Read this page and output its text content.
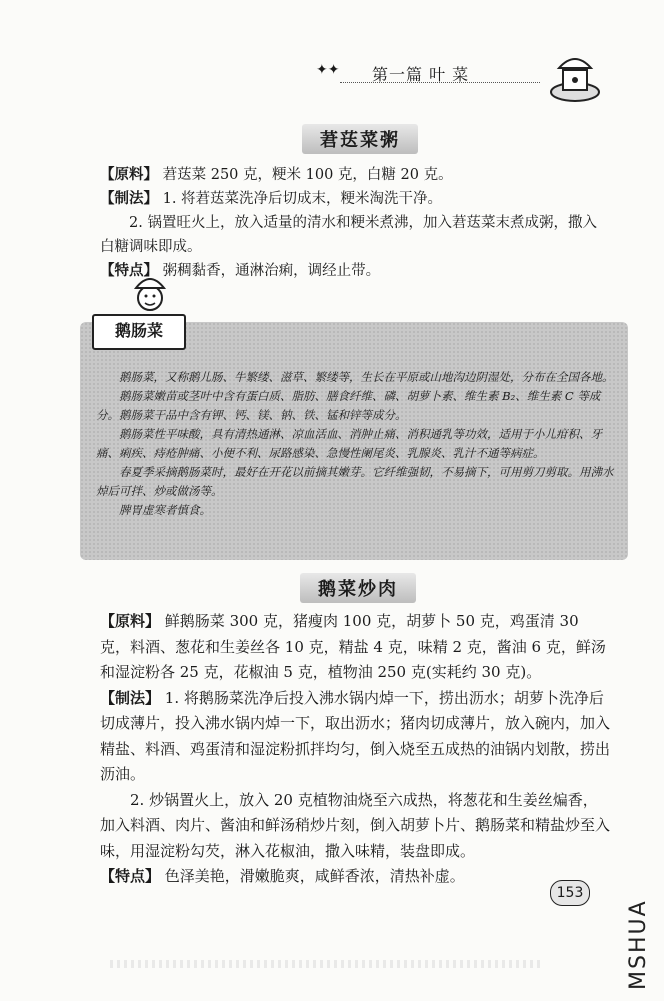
✦✦ 第一篇 叶 菜
莙荙菜粥
【原料】 莙荙菜 250 克，粳米 100 克，白糖 20 克。
【制法】 1. 将莙荙菜洗净后切成末，粳米淘洗干净。
2. 锅置旺火上，放入适量的清水和粳米煮沸，加入莙荙菜末煮成粥，撒入白糖调味即成。
【特点】 粥稠黏香，通淋治痢，调经止带。
鹅肠菜

鹅肠菜，又称鹅儿肠、牛繁缕、滋草、繁缕等，生长在平原或山地沟边阴湿处，分布在全国各地。

鹅肠菜嫩苗或茎叶中含有蛋白质、脂肪、膳食纤维、磷、胡萝卜素、维生素 B₂、维生素 C 等成分。鹅肠菜干品中含有钾、钙、镁、钠、铁、锰和锌等成分。

鹅肠菜性平味酸，具有清热通淋、凉血活血、消肿止痛、消积通乳等功效，适用于小儿疳积、牙痛、痢疾、痔疮肿痛、小便不利、尿路感染、急慢性阑尾炎、乳腺炎、乳汁不通等病症。

春夏季采摘鹅肠菜时，最好在开花以前摘其嫩芽。它纤维强韧，不易摘下，可用剪刀剪取。用沸水焯后可拌、炒或做汤等。

脾胃虚寒者慎食。

鹅菜炒肉
【原料】 鲜鹅肠菜 300 克，猪瘦肉 100 克，胡萝卜 50 克，鸡蛋清 30 克，料酒、葱花和生姜丝各 10 克，精盐 4 克，味精 2 克，酱油 6 克，鲜汤和湿淀粉各 25 克，花椒油 5 克，植物油 250 克(实耗约 30 克)。
【制法】 1. 将鹅肠菜洗净后投入沸水锅内焯一下，捞出沥水；胡萝卜洗净后切成薄片，投入沸水锅内焯一下，取出沥水；猪肉切成薄片，放入碗内，加入精盐、料酒、鸡蛋清和湿淀粉抓拌均匀，倒入烧至五成热的油锅内划散，捞出沥油。
2. 炒锅置火上，放入 20 克植物油烧至六成热，将葱花和生姜丝煸香，加入料酒、肉片、酱油和鲜汤稍炒片刻，倒入胡萝卜片、鹅肠菜和精盐炒至入味，用湿淀粉勾芡，淋入花椒油，撒入味精，装盘即成。
【特点】 色泽美艳，滑嫩脆爽，咸鲜香浓，清热补虚。
153
MSHUA
